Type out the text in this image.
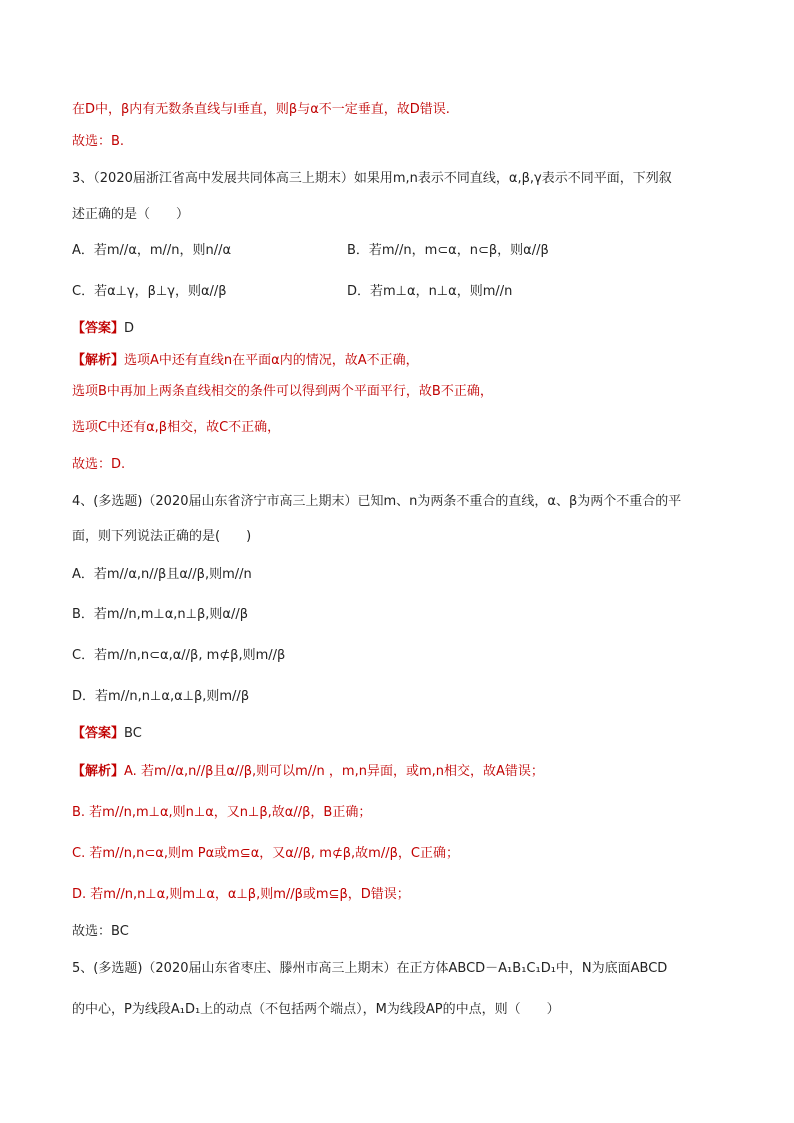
在D中，β内有无数条直线与l垂直，则β与α不一定垂直，故D错误.
故选：B.
3、（2020届浙江省高中发展共同体高三上期末）如果用m,n表示不同直线，α,β,γ表示不同平面，下列叙
述正确的是（　　）
A．若m//α，m//n，则n//α	B．若m//n，m⊂α，n⊂β，则α//β
C．若α⊥γ，β⊥γ，则α//β	D．若m⊥α，n⊥α，则m//n
【答案】D
【解析】选项A中还有直线n在平面α内的情况，故A不正确，
选项B中再加上两条直线相交的条件可以得到两个平面平行，故B不正确，
选项C中还有α,β相交，故C不正确，
故选：D.
4、(多选题)（2020届山东省济宁市高三上期末）已知m、n为两条不重合的直线，α、β为两个不重合的平
面，则下列说法正确的是(　　)
A．若m//α,n//β且α//β,则m//n
B．若m//n,m⊥α,n⊥β,则α//β
C．若m//n,n⊂α,α//β, m⊄β,则m//β
D．若m//n,n⊥α,α⊥β,则m//β
【答案】BC
【解析】A. 若m//α,n//β且α//β,则可以m//n ，m,n异面，或m,n相交，故A错误；
B. 若m//n,m⊥α,则n⊥α，又n⊥β,故α//β，B正确；
C. 若m//n,n⊂α,则m Pα或m⊆α，又α//β, m⊄β,故m//β，C正确；
D. 若m//n,n⊥α,则m⊥α，α⊥β,则m//β或m⊆β，D错误；
故选：BC
5、(多选题)（2020届山东省枣庄、滕州市高三上期末）在正方体ABCD－A₁B₁C₁D₁中，N为底面ABCD
的中心，P为线段A₁D₁上的动点（不包括两个端点），M为线段AP的中点，则（　　）
